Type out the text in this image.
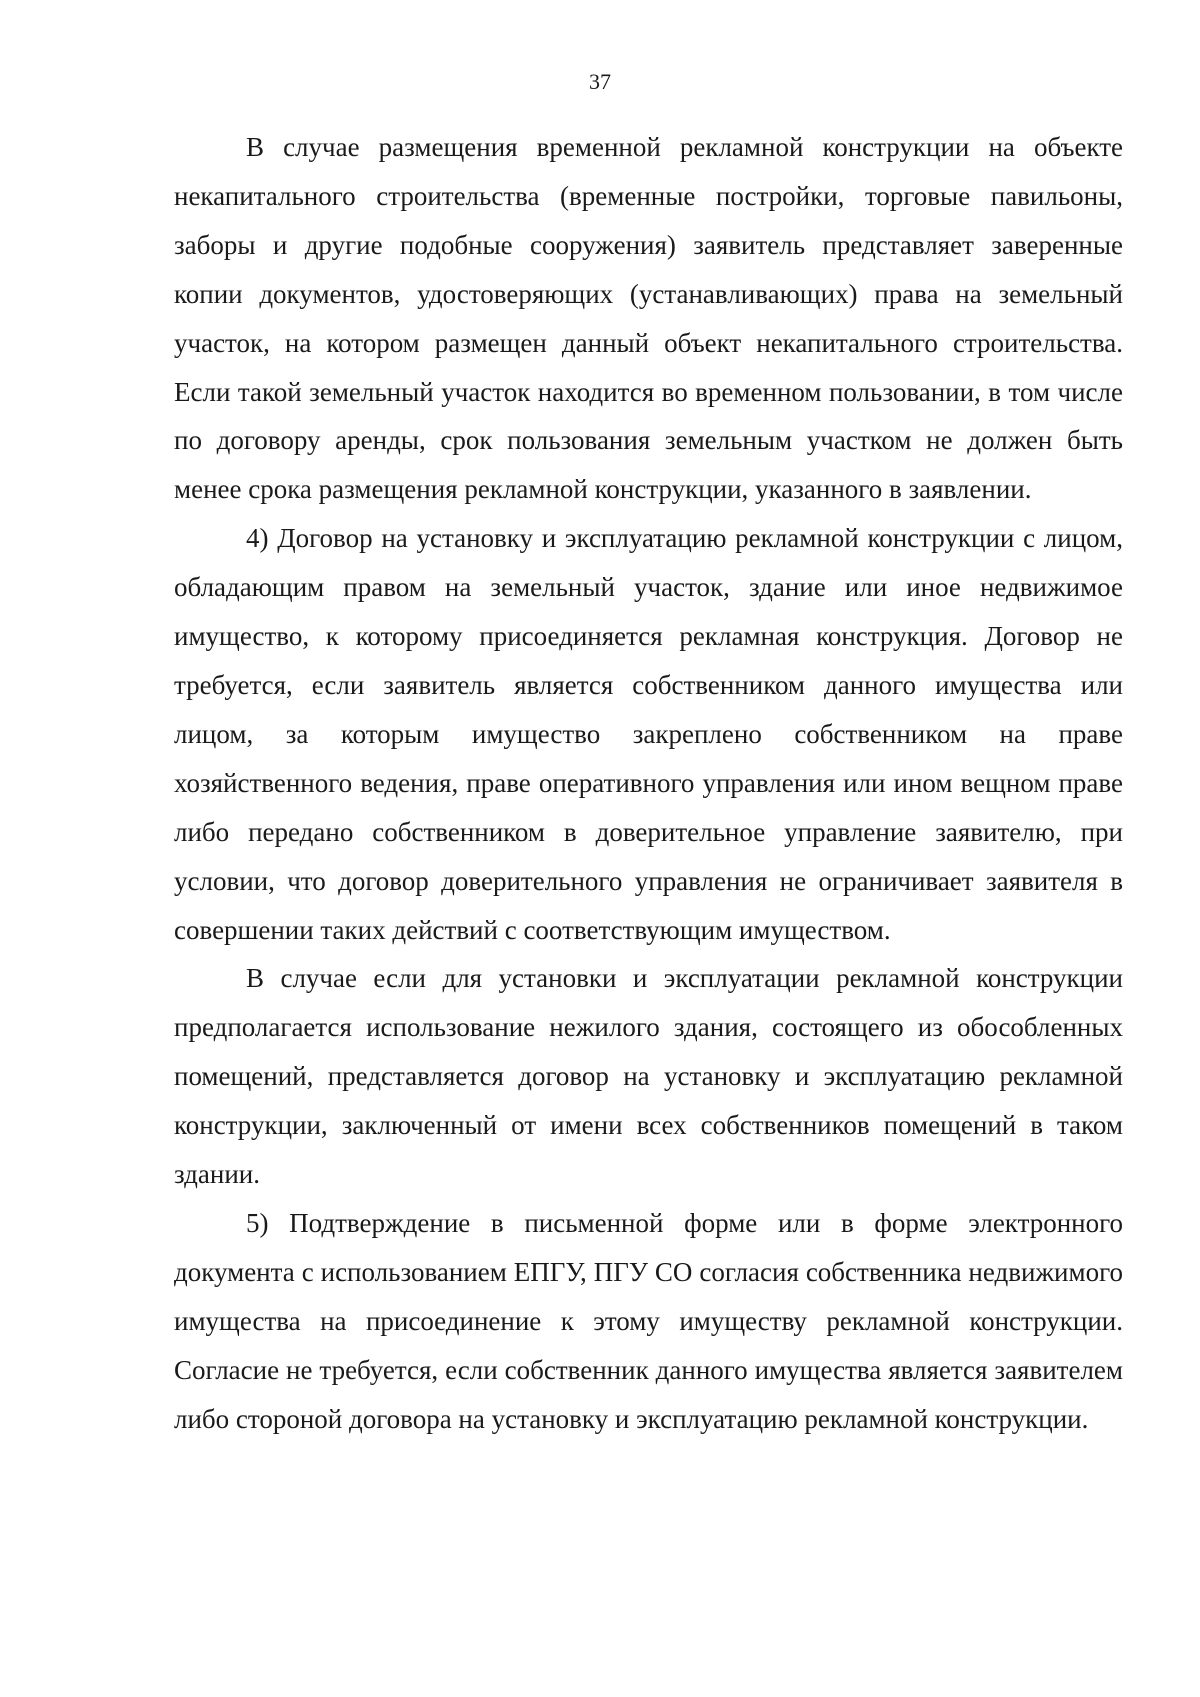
37

В случае размещения временной рекламной конструкции на объекте некапитального строительства (временные постройки, торговые павильоны, заборы и другие подобные сооружения) заявитель представляет заверенные копии документов, удостоверяющих (устанавливающих) права на земельный участок, на котором размещен данный объект некапитального строительства. Если такой земельный участок находится во временном пользовании, в том числе по договору аренды, срок пользования земельным участком не должен быть менее срока размещения рекламной конструкции, указанного в заявлении.

4) Договор на установку и эксплуатацию рекламной конструкции с лицом, обладающим правом на земельный участок, здание или иное недвижимое имущество, к которому присоединяется рекламная конструкция. Договор не требуется, если заявитель является собственником данного имущества или лицом, за которым имущество закреплено собственником на праве хозяйственного ведения, праве оперативного управления или ином вещном праве либо передано собственником в доверительное управление заявителю, при условии, что договор доверительного управления не ограничивает заявителя в совершении таких действий с соответствующим имуществом.

В случае если для установки и эксплуатации рекламной конструкции предполагается использование нежилого здания, состоящего из обособленных помещений, представляется договор на установку и эксплуатацию рекламной конструкции, заключенный от имени всех собственников помещений в таком здании.

5) Подтверждение в письменной форме или в форме электронного документа с использованием ЕПГУ, ПГУ СО согласия собственника недвижимого имущества на присоединение к этому имуществу рекламной конструкции. Согласие не требуется, если собственник данного имущества является заявителем либо стороной договора на установку и эксплуатацию рекламной конструкции.
